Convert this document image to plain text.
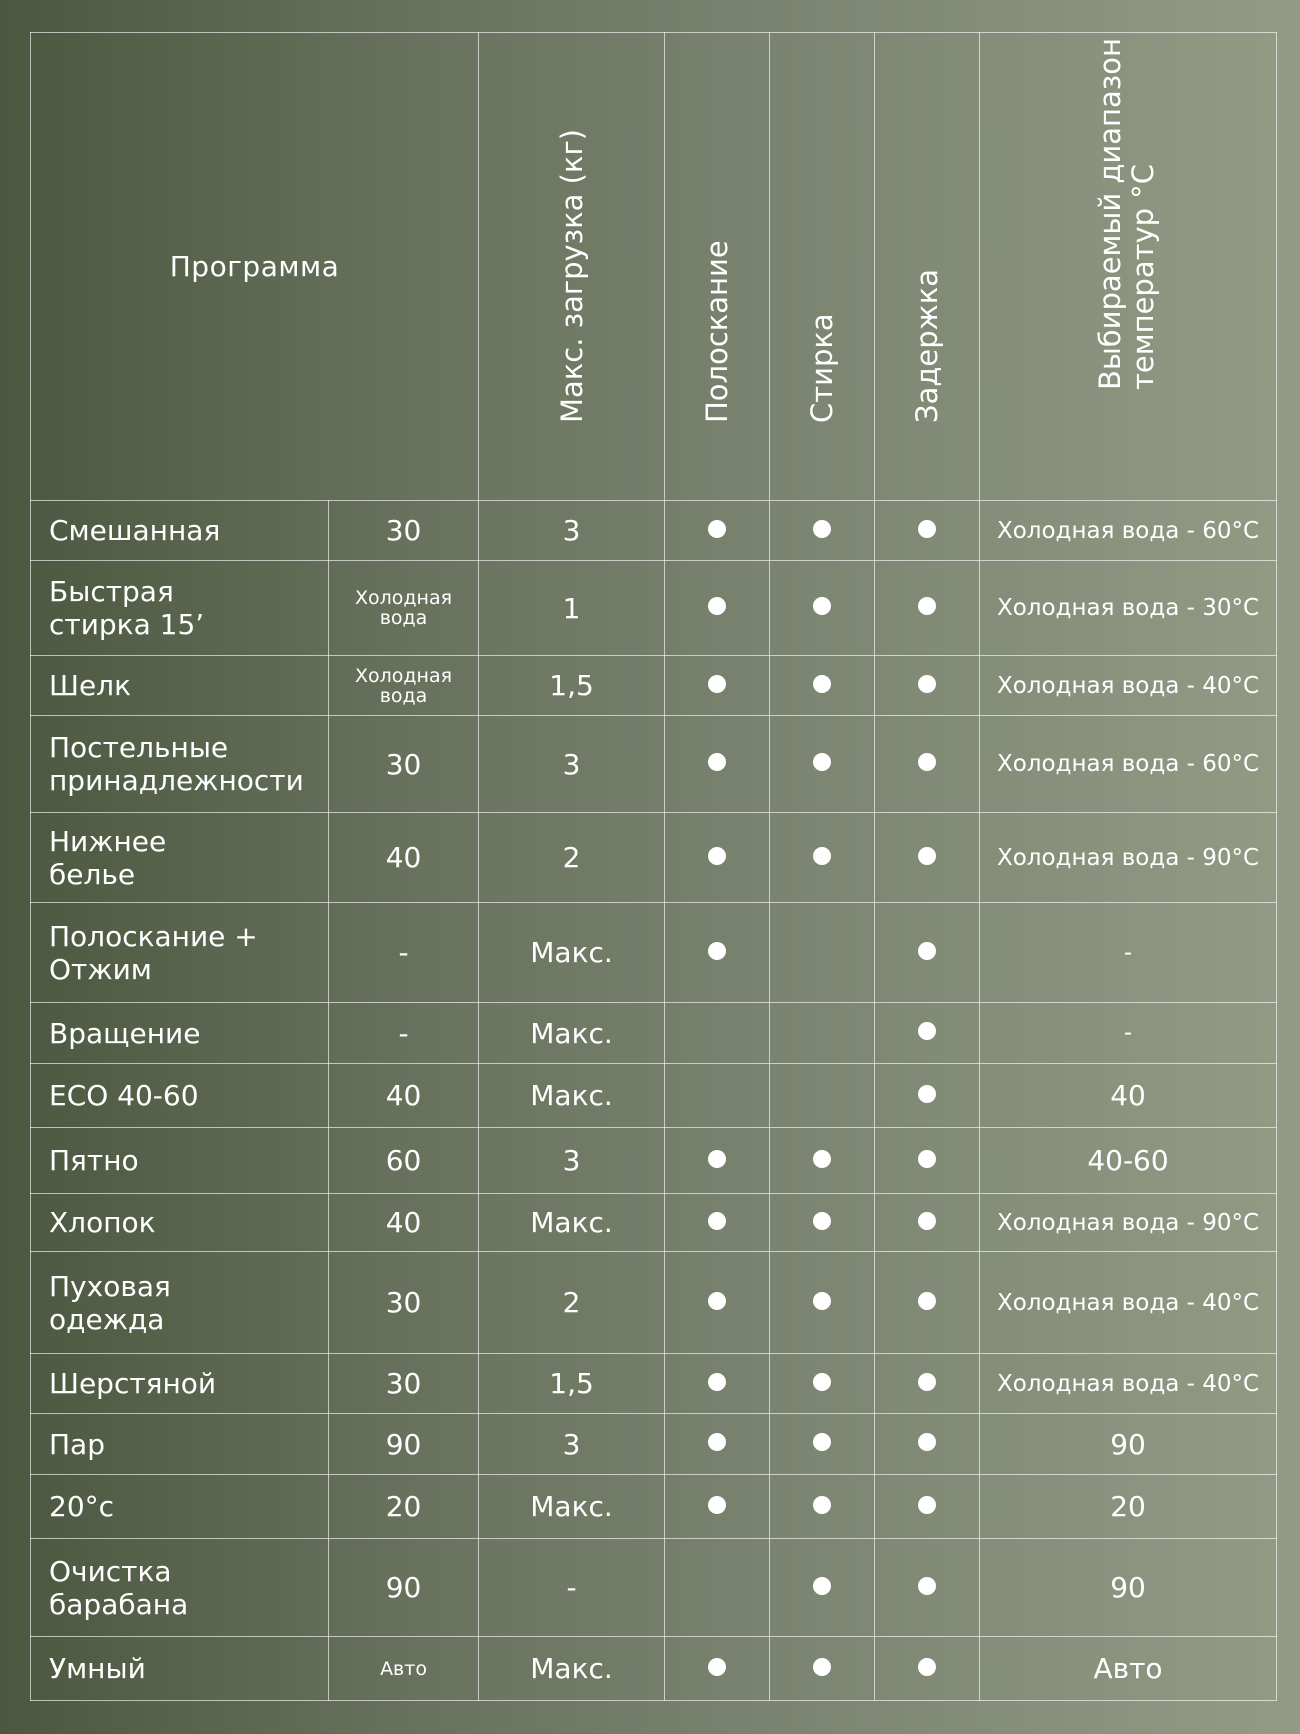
Программа		Макс. загрузка (кг)	Полоскание	Стирка	Задержка	Выбираемый диапазон
температур °С

Смешанная	30	3				Холодная вода - 60°С
Быстрая
стирка 15’	Холодная вода	1				Холодная вода - 30°С
Шелк	Холодная вода	1,5				Холодная вода - 40°С
Постельные
принадлежности	30	3				Холодная вода - 60°С
Нижнее
белье	40	2				Холодная вода - 90°С
Полоскание +
Отжим	-	Макс.				-
Вращение	-	Макс.				-
ECO 40-60	40	Макс.				40
Пятно	60	3				40-60
Хлопок	40	Макс.				Холодная вода - 90°С
Пуховая
одежда	30	2				Холодная вода - 40°С
Шерстяной	30	1,5				Холодная вода - 40°С
Пар	90	3				90
20°с	20	Макс.				20
Очистка
барабана	90	-				90
Умный	Авто	Макс.				Авто
